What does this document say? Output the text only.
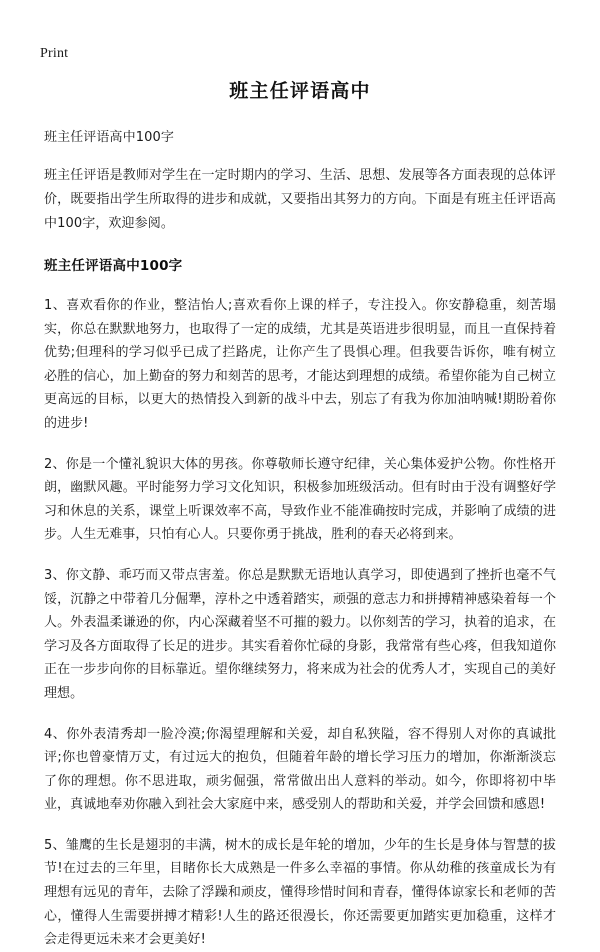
Print
班主任评语高中

班主任评语高中100字

班主任评语是教师对学生在一定时期内的学习、生活、思想、发展等各方面表现的总体评价，既要指出学生所取得的进步和成就，又要指出其努力的方向。下面是有班主任评语高中100字，欢迎参阅。

班主任评语高中100字

1、喜欢看你的作业，整洁怡人;喜欢看你上课的样子，专注投入。你安静稳重，刻苦塌实，你总在默默地努力，也取得了一定的成绩，尤其是英语进步很明显，而且一直保持着优势;但理科的学习似乎已成了拦路虎，让你产生了畏惧心理。但我要告诉你，唯有树立必胜的信心，加上勤奋的努力和刻苦的思考，才能达到理想的成绩。希望你能为自己树立更高远的目标，以更大的热情投入到新的战斗中去，别忘了有我为你加油呐喊!期盼着你的进步!

2、你是一个懂礼貌识大体的男孩。你尊敬师长遵守纪律，关心集体爱护公物。你性格开朗，幽默风趣。平时能努力学习文化知识，积极参加班级活动。但有时由于没有调整好学习和休息的关系，课堂上听课效率不高，导致作业不能准确按时完成，并影响了成绩的进步。人生无难事，只怕有心人。只要你勇于挑战，胜利的春天必将到来。

3、你文静、乖巧而又带点害羞。你总是默默无语地认真学习，即使遇到了挫折也毫不气馁，沉静之中带着几分倔犟，淳朴之中透着踏实，顽强的意志力和拼搏精神感染着每一个人。外表温柔谦逊的你，内心深藏着坚不可摧的毅力。以你刻苦的学习，执着的追求，在学习及各方面取得了长足的进步。其实看着你忙碌的身影，我常常有些心疼，但我知道你正在一步步向你的目标靠近。望你继续努力，将来成为社会的优秀人才，实现自己的美好理想。

4、你外表清秀却一脸冷漠;你渴望理解和关爱，却自私狭隘，容不得别人对你的真诚批评;你也曾豪情万丈，有过远大的抱负，但随着年龄的增长学习压力的增加，你渐渐淡忘了你的理想。你不思进取，顽劣倔强，常常做出出人意料的举动。如今，你即将初中毕业，真诚地奉劝你融入到社会大家庭中来，感受别人的帮助和关爱，并学会回馈和感恩!

5、雏鹰的生长是翅羽的丰满，树木的成长是年轮的增加，少年的生长是身体与智慧的拔节!在过去的三年里，目睹你长大成熟是一件多么幸福的事情。你从幼稚的孩童成长为有理想有远见的青年，去除了浮躁和顽皮，懂得珍惜时间和青春，懂得体谅家长和老师的苦心，懂得人生需要拼搏才精彩!人生的路还很漫长，你还需要更加踏实更加稳重，这样才会走得更远未来才会更美好!
